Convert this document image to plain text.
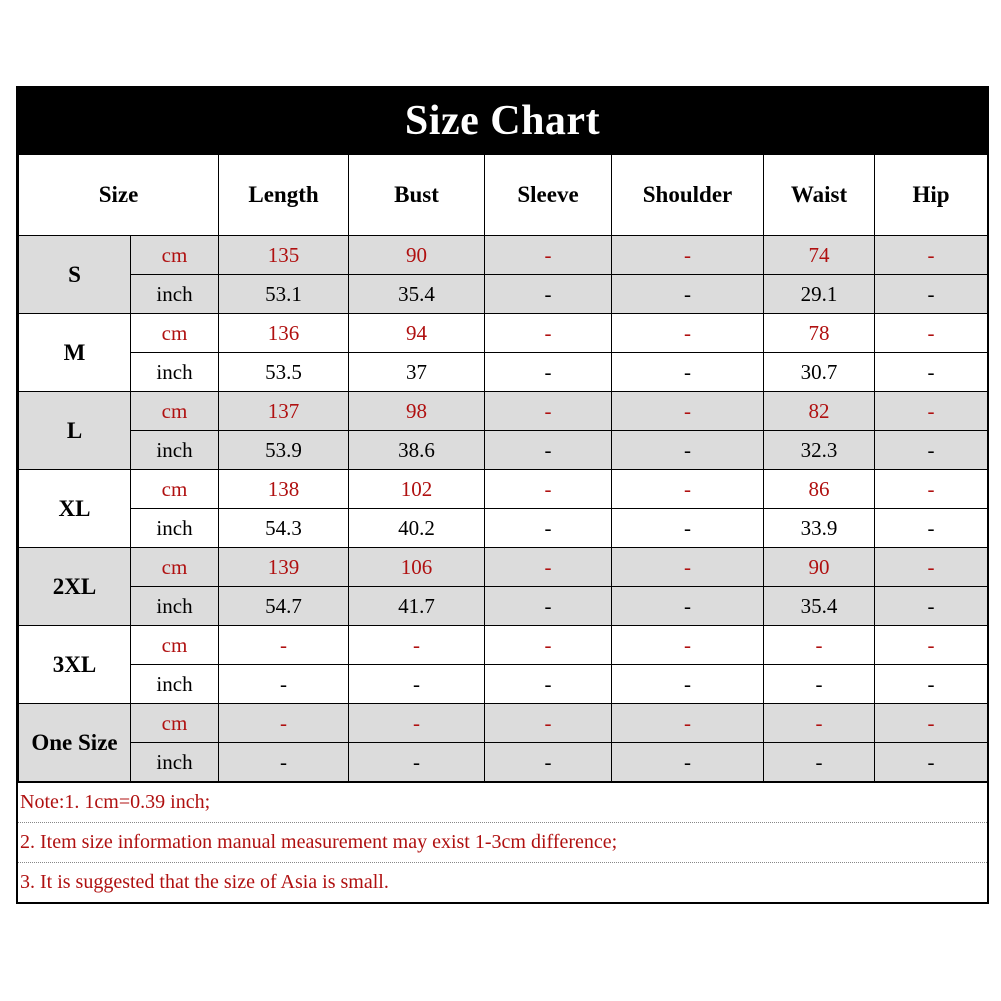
Size Chart
Size		Length	Bust	Sleeve	Shoulder	Waist	Hip
S	cm	135	90	-	-	74	-
	inch	53.1	35.4	-	-	29.1	-
M	cm	136	94	-	-	78	-
	inch	53.5	37	-	-	30.7	-
L	cm	137	98	-	-	82	-
	inch	53.9	38.6	-	-	32.3	-
XL	cm	138	102	-	-	86	-
	inch	54.3	40.2	-	-	33.9	-
2XL	cm	139	106	-	-	90	-
	inch	54.7	41.7	-	-	35.4	-
3XL	cm	-	-	-	-	-	-
	inch	-	-	-	-	-	-
One Size	cm	-	-	-	-	-	-
	inch	-	-	-	-	-	-
Note:1. 1cm=0.39 inch;
2. Item size information manual measurement may exist 1-3cm difference;
3. It is suggested that the size of Asia is small.
